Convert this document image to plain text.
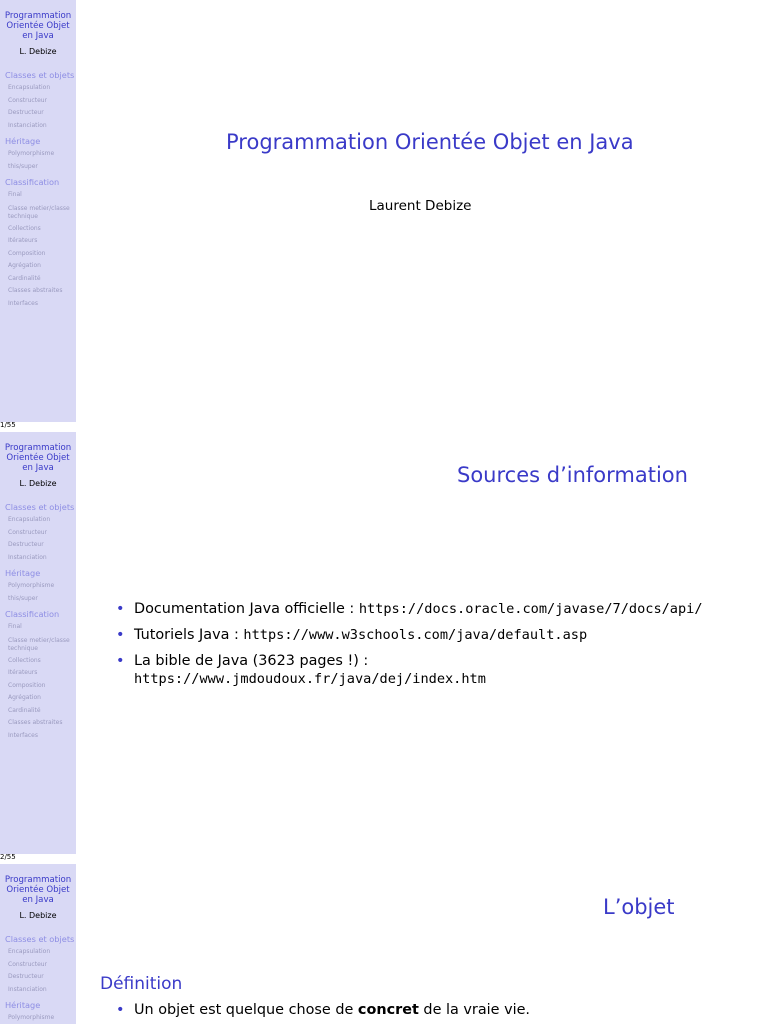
Programmation Orientée Objet en Java
L. Debize
Classes et objets
Encapsulation
Constructeur
Destructeur
Instanciation
Héritage
Polymorphisme
this/super
Classification
Final
Classe metier/classe technique
Collections
Itérateurs
Composition
Agrégation
Cardinalité
Classes abstraites
Interfaces
1/55
Programmation Orientée Objet en Java
Laurent Debize
Programmation Orientée Objet en Java
L. Debize
Classes et objets
Encapsulation
Constructeur
Destructeur
Instanciation
Héritage
Polymorphisme
this/super
Classification
Final
Classe metier/classe technique
Collections
Itérateurs
Composition
Agrégation
Cardinalité
Classes abstraites
Interfaces
2/55
Sources d’information
• Documentation Java officielle : https://docs.oracle.com/javase/7/docs/api/
• Tutoriels Java : https://www.w3schools.com/java/default.asp
• La bible de Java (3623 pages !) :
https://www.jmdoudoux.fr/java/dej/index.htm
Programmation Orientée Objet en Java
L. Debize
Classes et objets
Encapsulation
Constructeur
Destructeur
Instanciation
Héritage
Polymorphisme
L’objet
Définition
• Un objet est quelque chose de concret de la vraie vie.
